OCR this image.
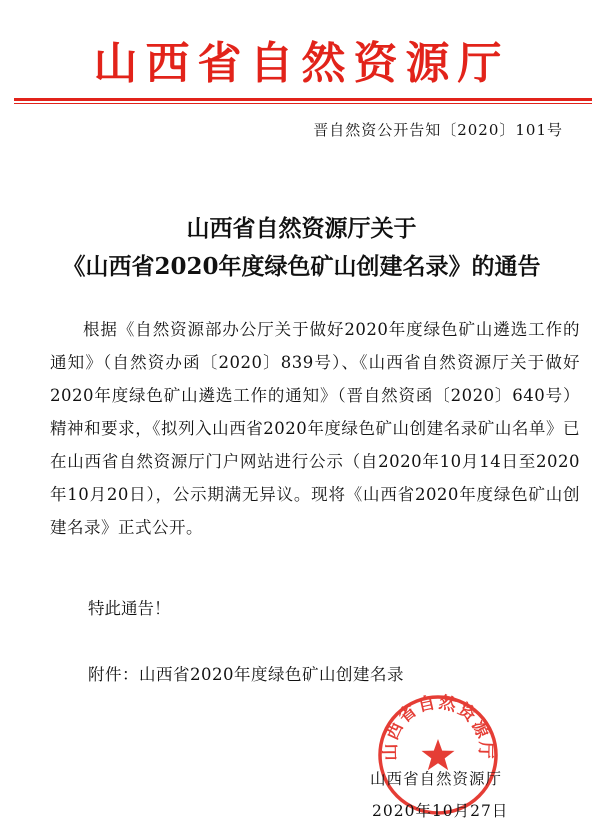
山西省自然资源厅
晋自然资公开告知〔2020〕101号
山西省自然资源厅关于
《山西省2020年度绿色矿山创建名录》的通告
根据《自然资源部办公厅关于做好2020年度绿色矿山遴选工作的通知》（自然资办函〔2020〕839号）、《山西省自然资源厅关于做好2020年度绿色矿山遴选工作的通知》（晋自然资函〔2020〕640号）精神和要求，《拟列入山西省2020年度绿色矿山创建名录矿山名单》已在山西省自然资源厅门户网站进行公示（自2020年10月14日至2020年10月20日），公示期满无异议。现将《山西省2020年度绿色矿山创建名录》正式公开。
特此通告！
附件：山西省2020年度绿色矿山创建名录
山西省自然资源厅
山西省自然资源厅
2020年10月27日
